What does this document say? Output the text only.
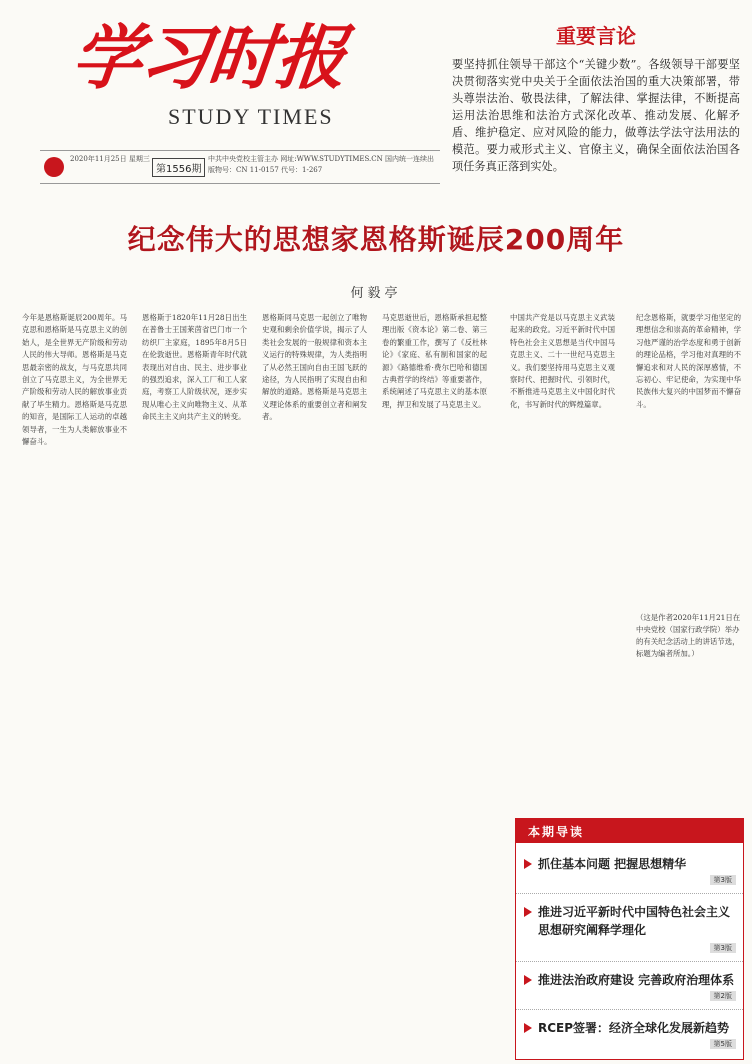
学习时报
STUDY TIMES
重要言论
要坚持抓住领导干部这个“关键少数”。各级领导干部要坚决贯彻落实党中央关于全面依法治国的重大决策部署，带头尊崇法治、敬畏法律，了解法律、掌握法律，不断提高运用法治思维和法治方式深化改革、推动发展、化解矛盾、维护稳定、应对风险的能力，做尊法学法守法用法的模范。要力戒形式主义、官僚主义，确保全面依法治国各项任务真正落到实处。
2020年11月25日 星期三
第1556期
中共中央党校主管主办 网址:WWW.STUDYTIMES.CN 国内统一连续出版物号：CN 11-0157 代号：1-267
纪念伟大的思想家恩格斯诞辰200周年
何毅亭
今年是恩格斯诞辰200周年。马克思和恩格斯是马克思主义的创始人，是全世界无产阶级和劳动人民的伟大导师。恩格斯是马克思最亲密的战友，与马克思共同创立了马克思主义，为全世界无产阶级和劳动人民的解放事业贡献了毕生精力。恩格斯是马克思的知音，是国际工人运动的卓越领导者，一生为人类解放事业不懈奋斗。
恩格斯于1820年11月28日出生在普鲁士王国莱茵省巴门市一个纺织厂主家庭，1895年8月5日在伦敦逝世。恩格斯青年时代就表现出对自由、民主、进步事业的强烈追求，深入工厂和工人家庭，考察工人阶级状况，逐步实现从唯心主义向唯物主义、从革命民主主义向共产主义的转变。
恩格斯同马克思一起创立了唯物史观和剩余价值学说，揭示了人类社会发展的一般规律和资本主义运行的特殊规律，为人类指明了从必然王国向自由王国飞跃的途径，为人民指明了实现自由和解放的道路。恩格斯是马克思主义理论体系的重要创立者和阐发者。
马克思逝世后，恩格斯承担起整理出版《资本论》第二卷、第三卷的繁重工作，撰写了《反杜林论》《家庭、私有制和国家的起源》《路德维希·费尔巴哈和德国古典哲学的终结》等重要著作，系统阐述了马克思主义的基本原理，捍卫和发展了马克思主义。
中国共产党是以马克思主义武装起来的政党。习近平新时代中国特色社会主义思想是当代中国马克思主义、二十一世纪马克思主义。我们要坚持用马克思主义观察时代、把握时代、引领时代，不断推进马克思主义中国化时代化，书写新时代的辉煌篇章。
纪念恩格斯，就要学习他坚定的理想信念和崇高的革命精神，学习他严谨的治学态度和勇于创新的理论品格，学习他对真理的不懈追求和对人民的深厚感情，不忘初心、牢记使命，为实现中华民族伟大复兴的中国梦而不懈奋斗。
（这是作者2020年11月21日在中央党校（国家行政学院）举办的有关纪念活动上的讲话节选，标题为编者所加。）
本期导读
抓住基本问题 把握思想精华
第3版
推进习近平新时代中国特色社会主义思想研究阐释学理化
第3版
推进法治政府建设 完善政府治理体系
第2版
RCEP签署：经济全球化发展新趋势
第5版
